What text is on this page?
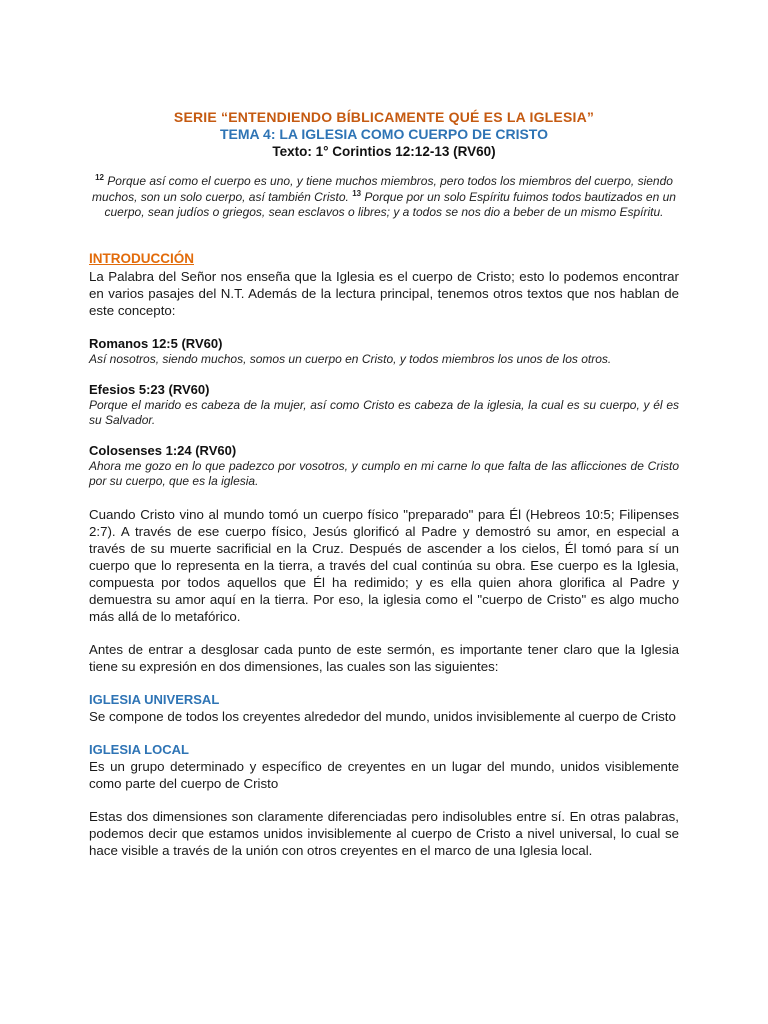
SERIE “ENTENDIENDO BÍBLICAMENTE QUÉ ES LA IGLESIA”
TEMA 4: LA IGLESIA COMO CUERPO DE CRISTO
Texto: 1° Corintios 12:12-13 (RV60)
$^{12}$ Porque así como el cuerpo es uno, y tiene muchos miembros, pero todos los miembros del cuerpo, siendo muchos, son un solo cuerpo, así también Cristo. $^{13}$ Porque por un solo Espíritu fuimos todos bautizados en un cuerpo, sean judíos o griegos, sean esclavos o libres; y a todos se nos dio a beber de un mismo Espíritu.
INTRODUCCIÓN

La Palabra del Señor nos enseña que la Iglesia es el cuerpo de Cristo; esto lo podemos encontrar en varios pasajes del N.T. Además de la lectura principal, tenemos otros textos que nos hablan de este concepto:

Romanos 12:5 (RV60)
Así nosotros, siendo muchos, somos un cuerpo en Cristo, y todos miembros los unos de los otros.
Efesios 5:23 (RV60)
Porque el marido es cabeza de la mujer, así como Cristo es cabeza de la iglesia, la cual es su cuerpo, y él es su Salvador.
Colosenses 1:24 (RV60)
Ahora me gozo en lo que padezco por vosotros, y cumplo en mi carne lo que falta de las aflicciones de Cristo por su cuerpo, que es la iglesia.

Cuando Cristo vino al mundo tomó un cuerpo físico "preparado" para Él (Hebreos 10:5; Filipenses 2:7). A través de ese cuerpo físico, Jesús glorificó al Padre y demostró su amor, en especial a través de su muerte sacrificial en la Cruz. Después de ascender a los cielos, Él tomó para sí un cuerpo que lo representa en la tierra, a través del cual continúa su obra. Ese cuerpo es la Iglesia, compuesta por todos aquellos que Él ha redimido; y es ella quien ahora glorifica al Padre y demuestra su amor aquí en la tierra. Por eso, la iglesia como el "cuerpo de Cristo" es algo mucho más allá de lo metafórico.

Antes de entrar a desglosar cada punto de este sermón, es importante tener claro que la Iglesia tiene su expresión en dos dimensiones, las cuales son las siguientes:

IGLESIA UNIVERSAL

Se compone de todos los creyentes alrededor del mundo, unidos invisiblemente al cuerpo de Cristo

IGLESIA LOCAL

Es un grupo determinado y específico de creyentes en un lugar del mundo, unidos visiblemente como parte del cuerpo de Cristo

Estas dos dimensiones son claramente diferenciadas pero indisolubles entre sí. En otras palabras, podemos decir que estamos unidos invisiblemente al cuerpo de Cristo a nivel universal, lo cual se hace visible a través de la unión con otros creyentes en el marco de una Iglesia local.
